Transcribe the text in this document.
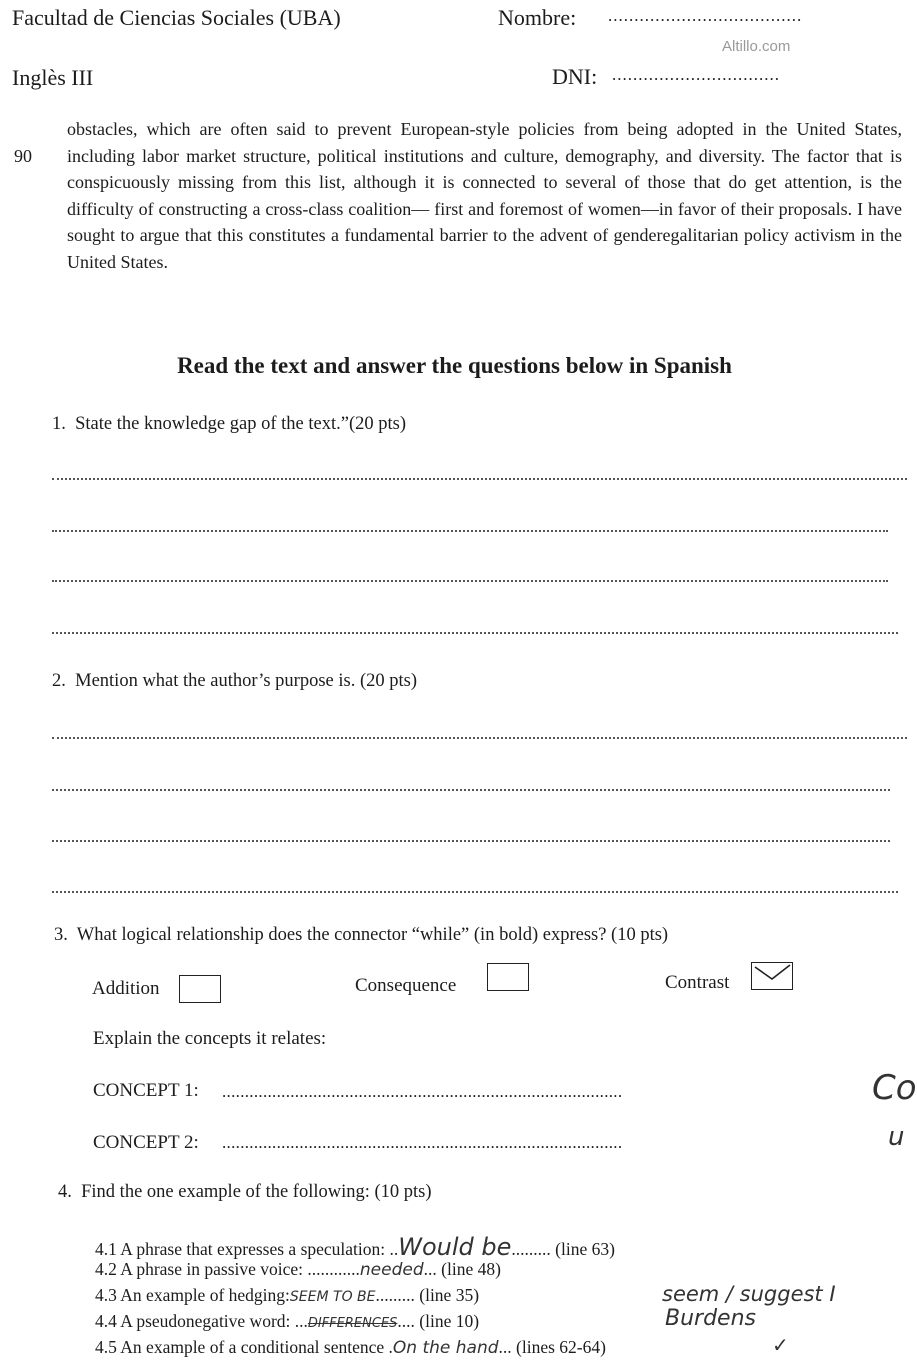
Facultad de Ciencias Sociales (UBA)	Nombre: .....................................
Altillo.com
Inglès III	DNI: ................................
90

obstacles, which are often said to prevent European-style policies from being adopted in the United States, including labor market structure, political institutions and culture, demography, and diversity. The factor that is conspicuously missing from this list, although it is connected to several of those that do get attention, is the difficulty of constructing a cross-class coalition— first and foremost of women—in favor of their proposals. I have sought to argue that this constitutes a fundamental barrier to the advent of genderegalitarian policy activism in the United States.

Read the text and answer the questions below in Spanish
1. State the knowledge gap of the text.”(20 pts)
2. Mention what the author’s purpose is. (20 pts)
3. What logical relationship does the connector “while” (in bold) express? (10 pts)
Addition	Consequence	Contrast
Explain the concepts it relates:
CONCEPT 1: ........................................................................................	Co
CONCEPT 2: ........................................................................................	u
4. Find the one example of the following: (10 pts)
4.1 A phrase that expresses a speculation: ..Would be......... (line 63)
4.2 A phrase in passive voice: ............needed... (line 48)
4.3 An example of hedging:SEEM TO BE......... (line 35)	seem / suggest I
4.4 A pseudonegative word: ...DIFFERENCES.... (line 10)	Burdens
4.5 An example of a conditional sentence .On the hand... (lines 62-64)	✓
